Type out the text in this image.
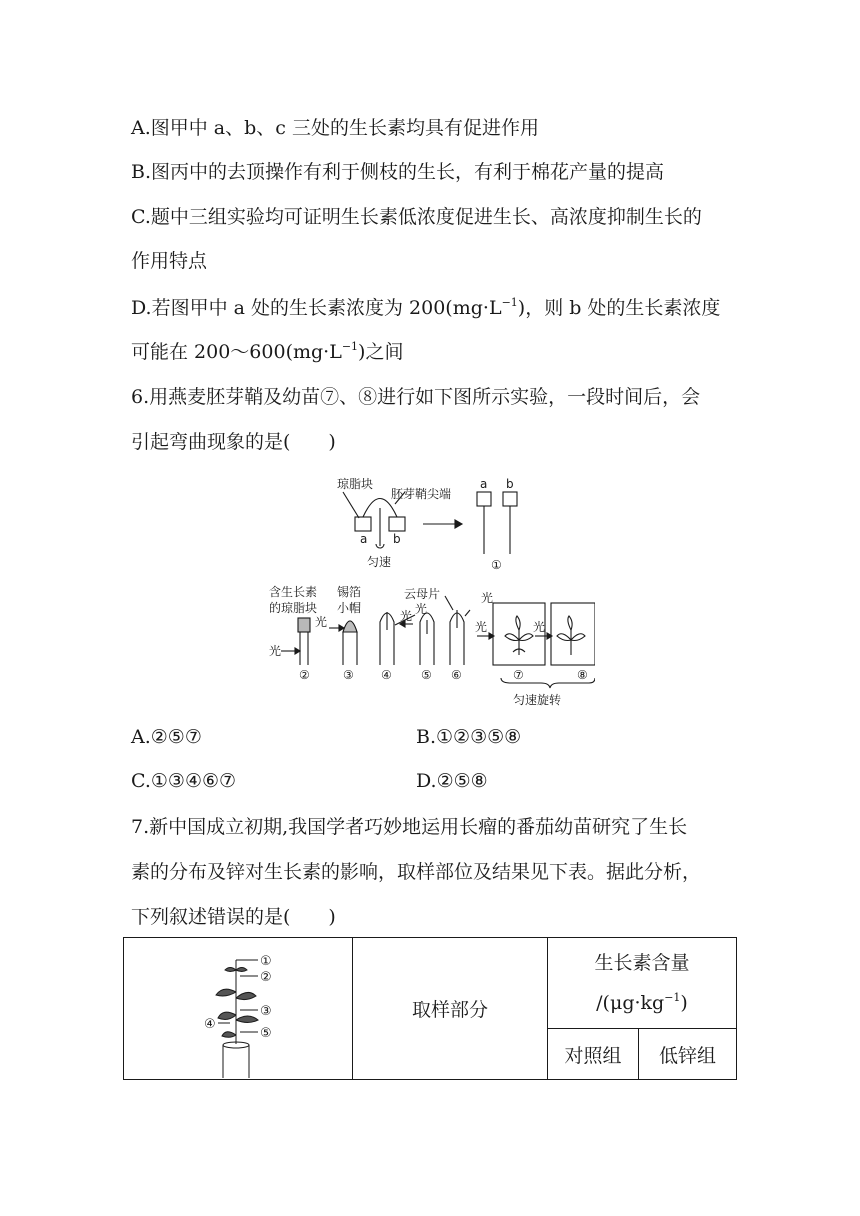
A.图甲中 a、b、c 三处的生长素均具有促进作用
B.图丙中的去顶操作有利于侧枝的生长，有利于棉花产量的提高
C.题中三组实验均可证明生长素低浓度促进生长、高浓度抑制生长的
作用特点
D.若图甲中 a 处的生长素浓度为 $200(mg\cdot L^{-1})$，则 b 处的生长素浓度
可能在 $200\sim 600(mg\cdot L^{-1})$之间
6.用燕麦胚芽鞘及幼苗⑦、⑧进行如下图所示实验，一段时间后，会
引起弯曲现象的是(　　)
琼脂块
胚芽鞘尖端
a b
匀速
a b
①
含生长素
的琼脂块
锡箔
小帽
光
光
云母片
光
光
光
光	光
②	③ ④ ⑤ ⑥	⑦	⑧
匀速旋转
A.②⑤⑦	B.①②③⑤⑧
C.①③④⑥⑦	D.②⑤⑧
7.新中国成立初期,我国学者巧妙地运用长瘤的番茄幼苗研究了生长
素的分布及锌对生长素的影响，取样部位及结果见下表。据此分析，
下列叙述错误的是(　　)
①
②
③
④
⑤
取样部分
生长素含量
$/(\mu g\cdot kg^{-1})$
对照组	低锌组
